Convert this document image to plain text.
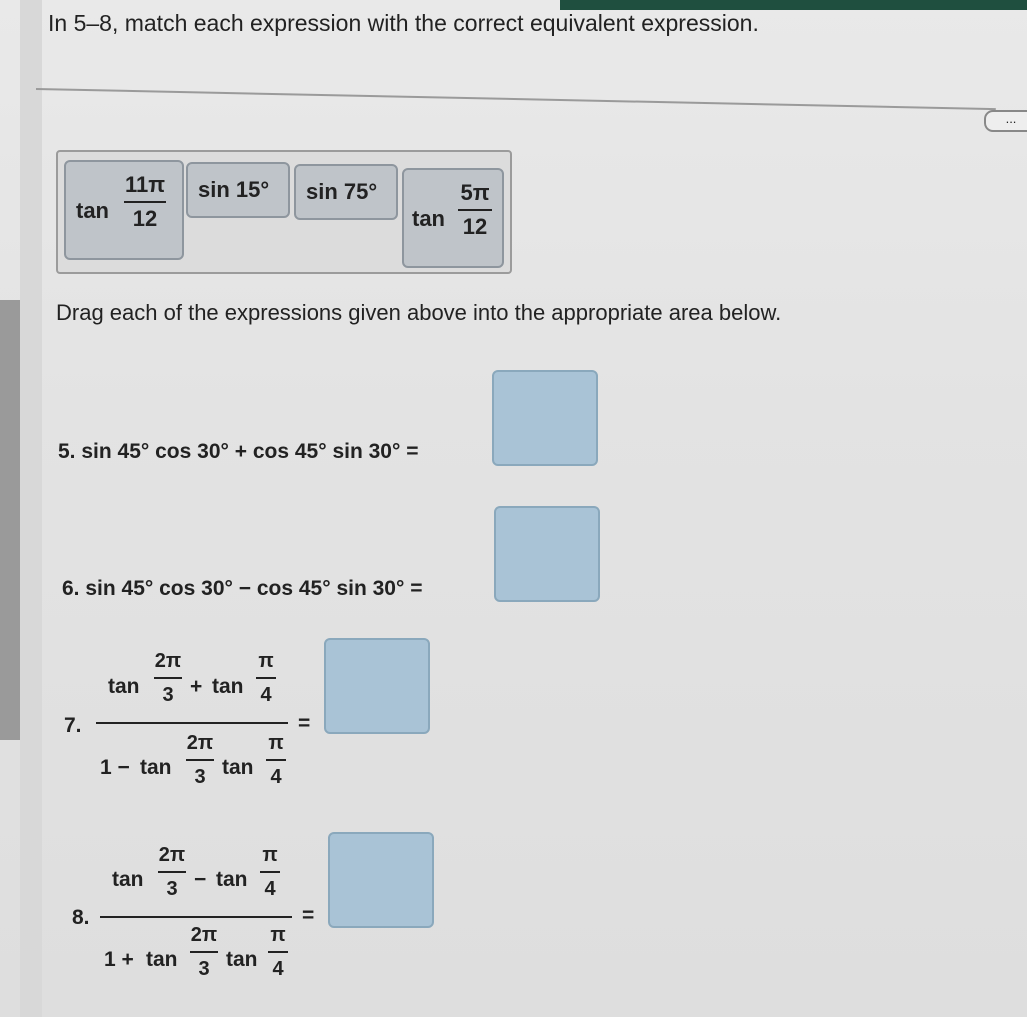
In 5–8, match each expression with the correct equivalent expression.
...
tan
11π
12
sin 15° sin 75°
tan
5π
12
Drag each of the expressions given above into the appropriate area below.
5. sin 45° cos 30° + cos 45° sin 30° =
6. sin 45° cos 30° − cos 45° sin 30° =
7.
tan
2π
3 + tan
π
4
1 − tan
2π
3 tan
π
4
=
8.
tan
2π
3 − tan
π
4
1 + tan
2π
3 tan
π
4
=
